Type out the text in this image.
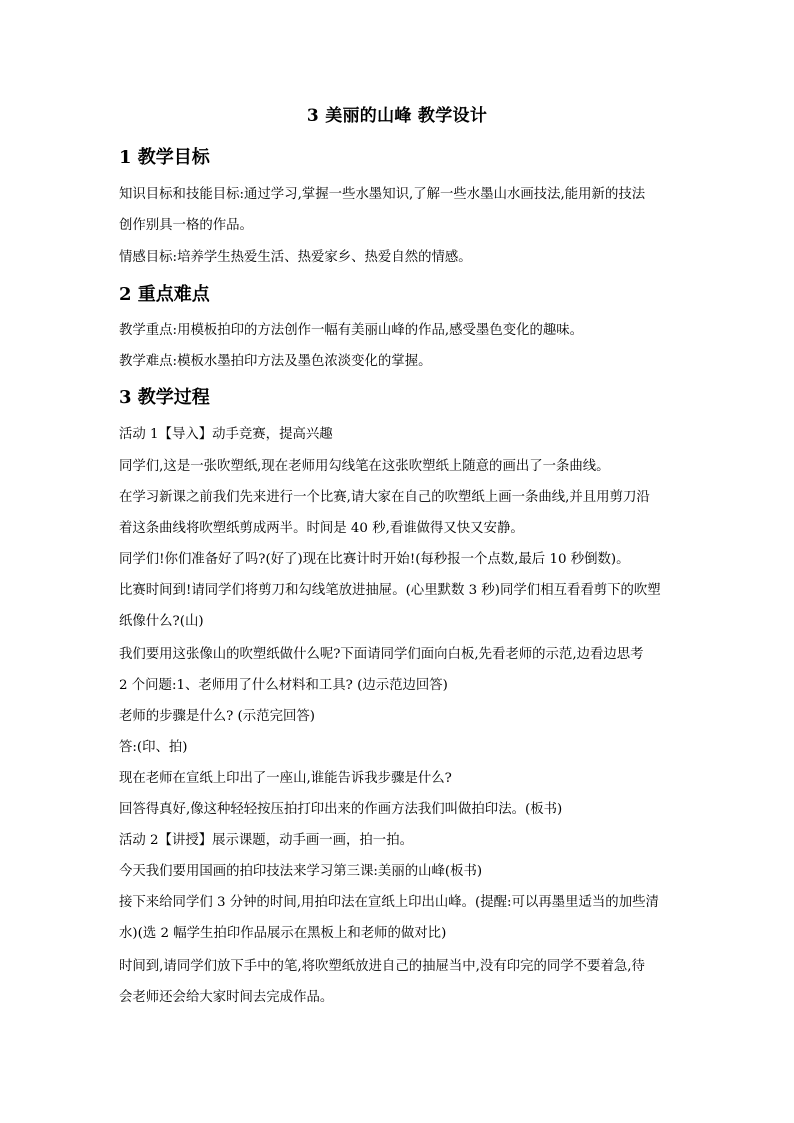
3 美丽的山峰 教学设计
1 教学目标
知识目标和技能目标:通过学习,掌握一些水墨知识,了解一些水墨山水画技法,能用新的技法
创作别具一格的作品。
情感目标:培养学生热爱生活、热爱家乡、热爱自然的情感。
2 重点难点
教学重点:用模板拍印的方法创作一幅有美丽山峰的作品,感受墨色变化的趣味。
教学难点:模板水墨拍印方法及墨色浓淡变化的掌握。
3 教学过程
活动 1【导入】动手竞赛，提高兴趣
同学们,这是一张吹塑纸,现在老师用勾线笔在这张吹塑纸上随意的画出了一条曲线。
在学习新课之前我们先来进行一个比赛,请大家在自己的吹塑纸上画一条曲线,并且用剪刀沿
着这条曲线将吹塑纸剪成两半。时间是 40 秒,看谁做得又快又安静。
同学们!你们准备好了吗?(好了)现在比赛计时开始!(每秒报一个点数,最后 10 秒倒数)。
比赛时间到!请同学们将剪刀和勾线笔放进抽屉。(心里默数 3 秒)同学们相互看看剪下的吹塑
纸像什么?(山)
我们要用这张像山的吹塑纸做什么呢?下面请同学们面向白板,先看老师的示范,边看边思考
2 个问题:1、老师用了什么材料和工具? (边示范边回答)
老师的步骤是什么? (示范完回答)
答:(印、拍)
现在老师在宣纸上印出了一座山,谁能告诉我步骤是什么?
回答得真好,像这种轻轻按压拍打印出来的作画方法我们叫做拍印法。(板书)
活动 2【讲授】展示课题，动手画一画，拍一拍。
今天我们要用国画的拍印技法来学习第三课:美丽的山峰(板书)
接下来给同学们 3 分钟的时间,用拍印法在宣纸上印出山峰。(提醒:可以再墨里适当的加些清
水)(选 2 幅学生拍印作品展示在黑板上和老师的做对比)
时间到,请同学们放下手中的笔,将吹塑纸放进自己的抽屉当中,没有印完的同学不要着急,待
会老师还会给大家时间去完成作品。
